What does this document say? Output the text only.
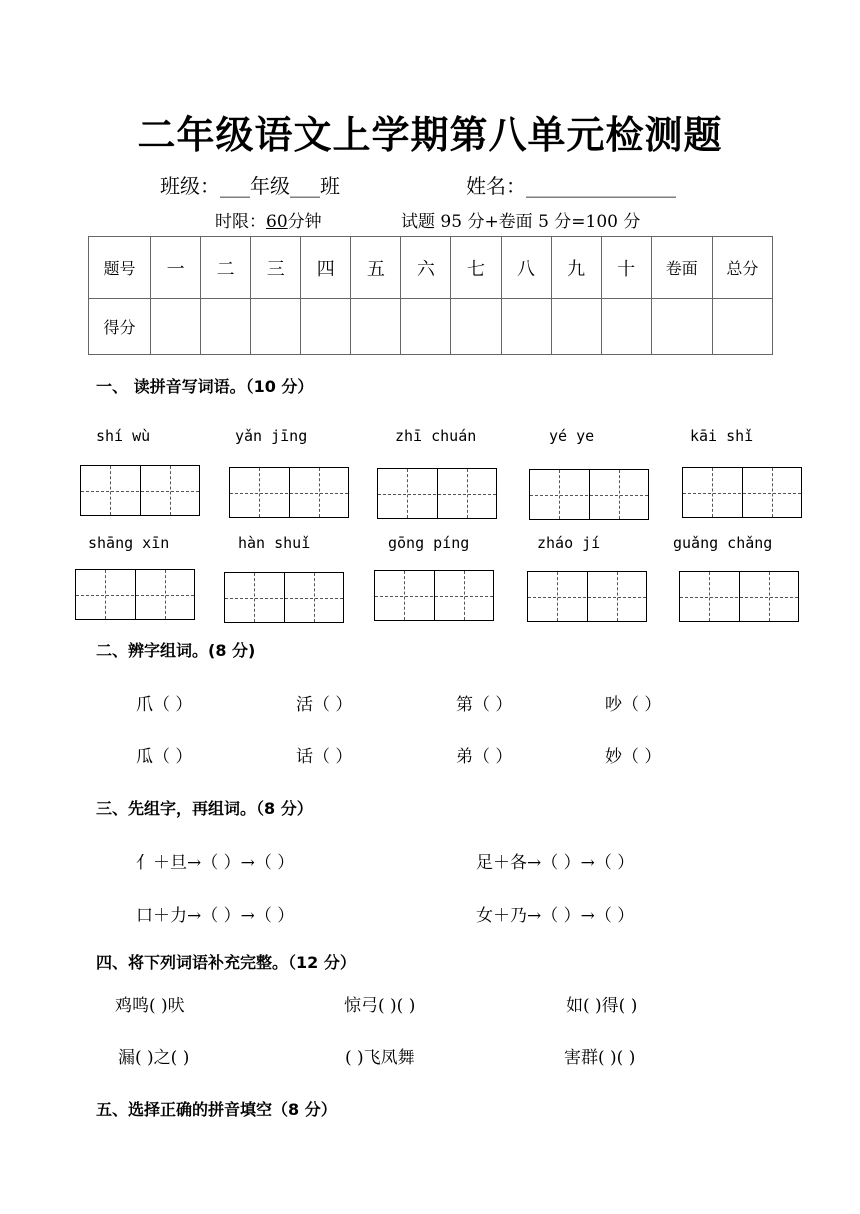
二年级语文上学期第八单元检测题
班级：___年级___班	姓名：_______________
时限：60分钟	试题 95 分+卷面 5 分=100 分
题号	一	二	三	四	五	六	七	八	九	十	卷面	总分
得分												
一、 读拼音写词语。（10 分）
shí wù	yǎn jīng	zhī chuán	yé ye	kāi shǐ
shāng xīn	hàn shuǐ	gōng píng	zháo jí	guǎng chǎng
二、辨字组词。(8 分)
爪（ ）	活（ ）	第（ ）	吵（ ）
瓜（ ）	话（ ）	弟（ ）	妙（ ）
三、先组字，再组词。（8 分）
亻＋旦→（ ）→（ ）	足＋各→（ ）→（ ）
口＋力→（ ）→（ ）	女＋乃→（ ）→（ ）
四、将下列词语补充完整。（12 分）
鸡鸣( )吠	惊弓( )( )	如( )得( )
漏( )之( )	( )飞凤舞	害群( )( )
五、选择正确的拼音填空（8 分）
